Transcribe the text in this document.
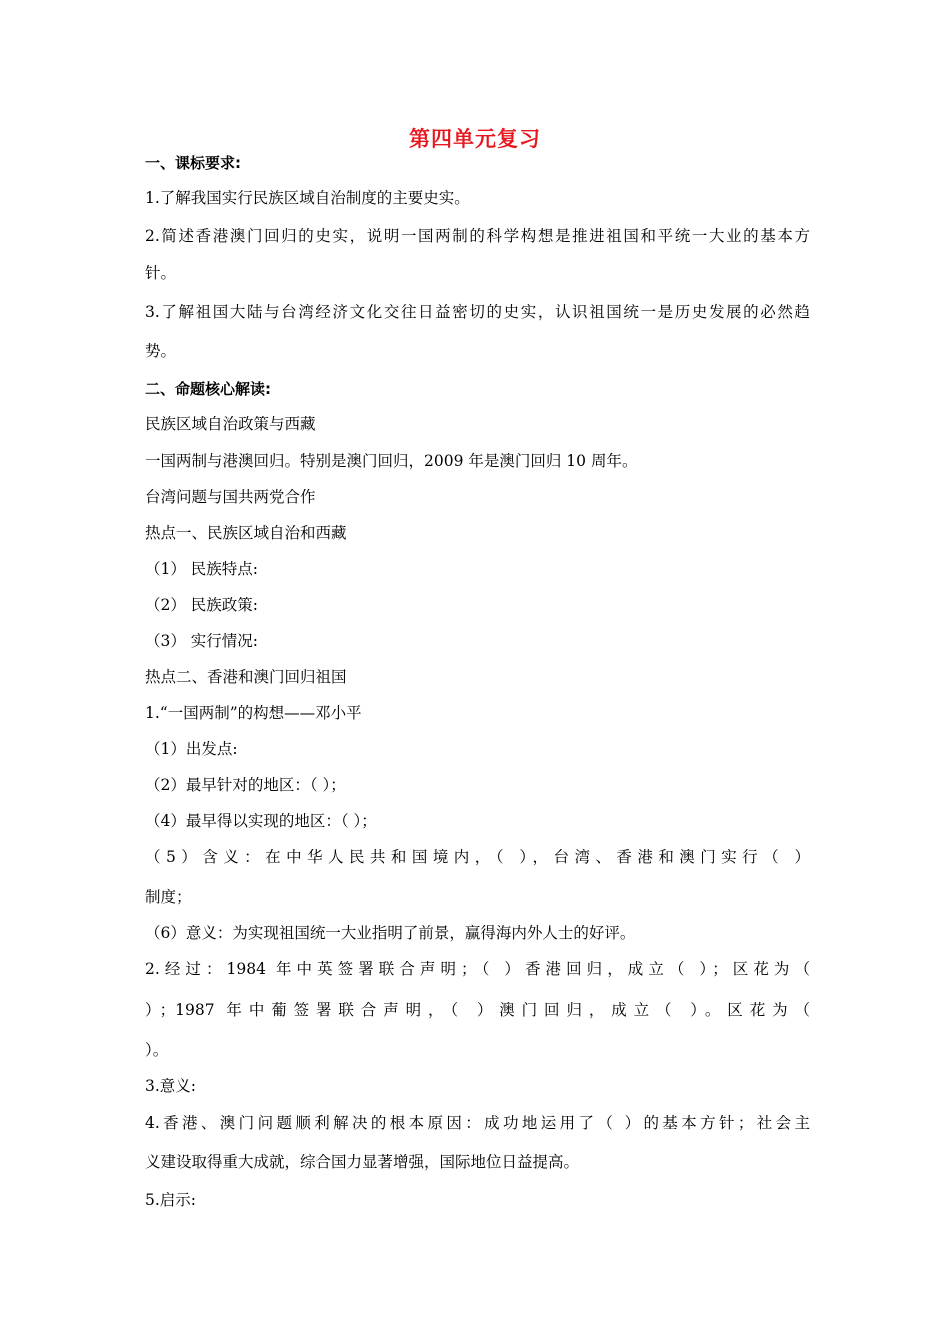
第四单元复习
一、课标要求:
1.了解我国实行民族区域自治制度的主要史实。
2.简述香港澳门回归的史实，说明一国两制的科学构想是推进祖国和平统一大业的基本方
针。
3.了解祖国大陆与台湾经济文化交往日益密切的史实，认识祖国统一是历史发展的必然趋
势。
二、命题核心解读:
民族区域自治政策与西藏
一国两制与港澳回归。特别是澳门回归，2009 年是澳门回归 10 周年。
台湾问题与国共两党合作
热点一、民族区域自治和西藏
（1） 民族特点:
（2） 民族政策:
（3） 实行情况:
热点二、香港和澳门回归祖国
1.“一国两制”的构想——邓小平
（1）出发点:
（2）最早针对的地区：（ ）；
（4）最早得以实现的地区：（ ）；
（5）含义：在中华人民共和国境内，（ ），台湾、香港和澳门实行（ ）
制度；
（6）意义：为实现祖国统一大业指明了前景，赢得海内外人士的好评。
2.经过：1984 年中英签署联合声明；（ ）香港回归，成立（ ）；区花为（
）；1987 年中葡签署联合声明，（ ）澳门回归，成立（ ）。区花为（
）。
3.意义:
4.香港、澳门问题顺利解决的根本原因：成功地运用了（ ）的基本方针；社会主
义建设取得重大成就，综合国力显著增强，国际地位日益提高。
5.启示:
